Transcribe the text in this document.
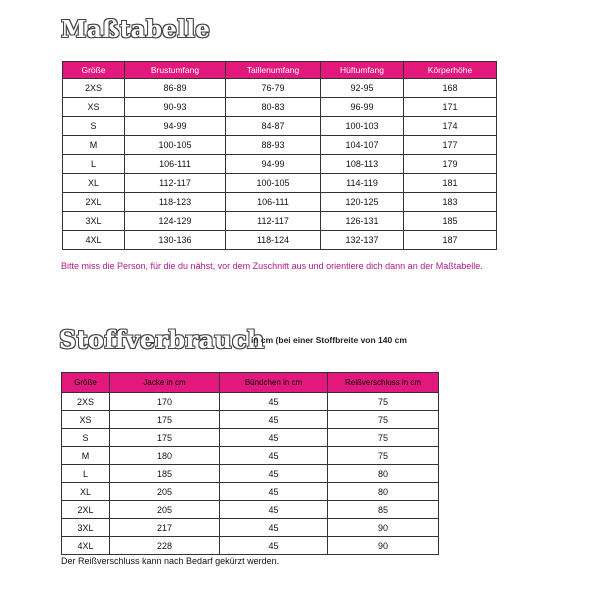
Maßtabelle
Größe	Brustumfang	Taillenumfang	Hüftumfang	Körperhöhe
2XS	86-89	76-79	92-95	168
XS	90-93	80-83	96-99	171
S	94-99	84-87	100-103	174
M	100-105	88-93	104-107	177
L	106-111	94-99	108-113	179
XL	112-117	100-105	114-119	181
2XL	118-123	106-111	120-125	183
3XL	124-129	112-117	126-131	185
4XL	130-136	118-124	132-137	187
Bitte miss die Person, für die du nähst, vor dem Zuschnitt aus und orientiere dich dann an der Maßtabelle.
Stoffverbrauch
in cm (bei einer Stoffbreite von 140 cm
Größe	Jacke in cm	Bündchen in cm	Reißverschluss in cm
2XS	170	45	75
XS	175	45	75
S	175	45	75
M	180	45	75
L	185	45	80
XL	205	45	80
2XL	205	45	85
3XL	217	45	90
4XL	228	45	90
Der Reißverschluss kann nach Bedarf gekürzt werden.
